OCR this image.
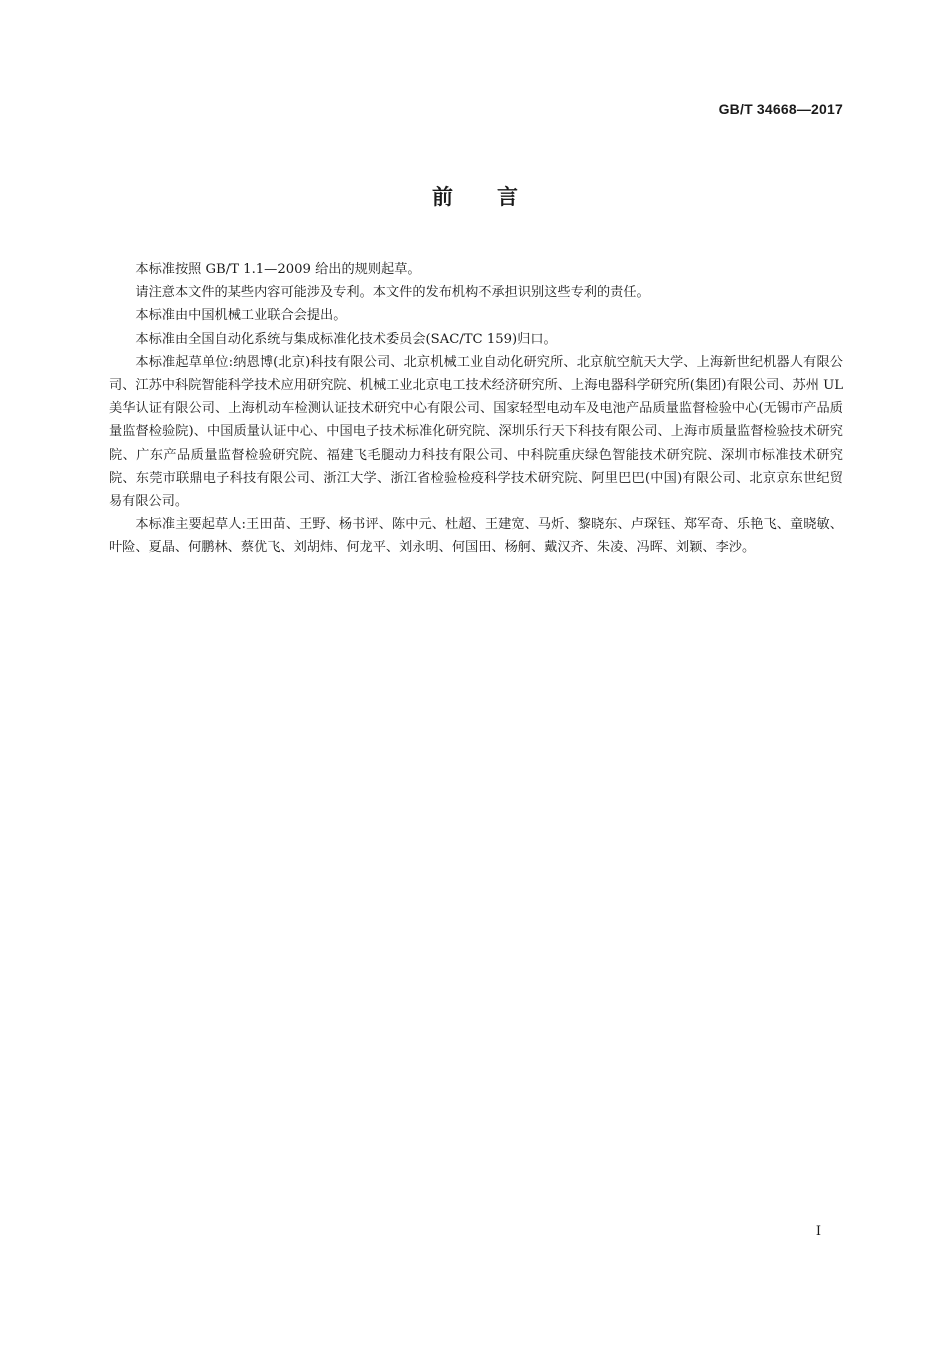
GB/T 34668—2017
前言

本标准按照 GB/T 1.1—2009 给出的规则起草。

请注意本文件的某些内容可能涉及专利。本文件的发布机构不承担识别这些专利的责任。

本标准由中国机械工业联合会提出。

本标准由全国自动化系统与集成标准化技术委员会(SAC/TC 159)归口。

本标准起草单位:纳恩博(北京)科技有限公司、北京机械工业自动化研究所、北京航空航天大学、上海新世纪机器人有限公司、江苏中科院智能科学技术应用研究院、机械工业北京电工技术经济研究所、上海电器科学研究所(集团)有限公司、苏州 UL 美华认证有限公司、上海机动车检测认证技术研究中心有限公司、国家轻型电动车及电池产品质量监督检验中心(无锡市产品质量监督检验院)、中国质量认证中心、中国电子技术标准化研究院、深圳乐行天下科技有限公司、上海市质量监督检验技术研究院、广东产品质量监督检验研究院、福建飞毛腿动力科技有限公司、中科院重庆绿色智能技术研究院、深圳市标准技术研究院、东莞市联鼎电子科技有限公司、浙江大学、浙江省检验检疫科学技术研究院、阿里巴巴(中国)有限公司、北京京东世纪贸易有限公司。

本标准主要起草人:王田苗、王野、杨书评、陈中元、杜超、王建宽、马炘、黎晓东、卢琛钰、郑军奇、乐艳飞、童晓敏、叶险、夏晶、何鹏林、蔡优飞、刘胡炜、何龙平、刘永明、何国田、杨舸、戴汉齐、朱凌、冯晖、刘颖、李沙。

I
